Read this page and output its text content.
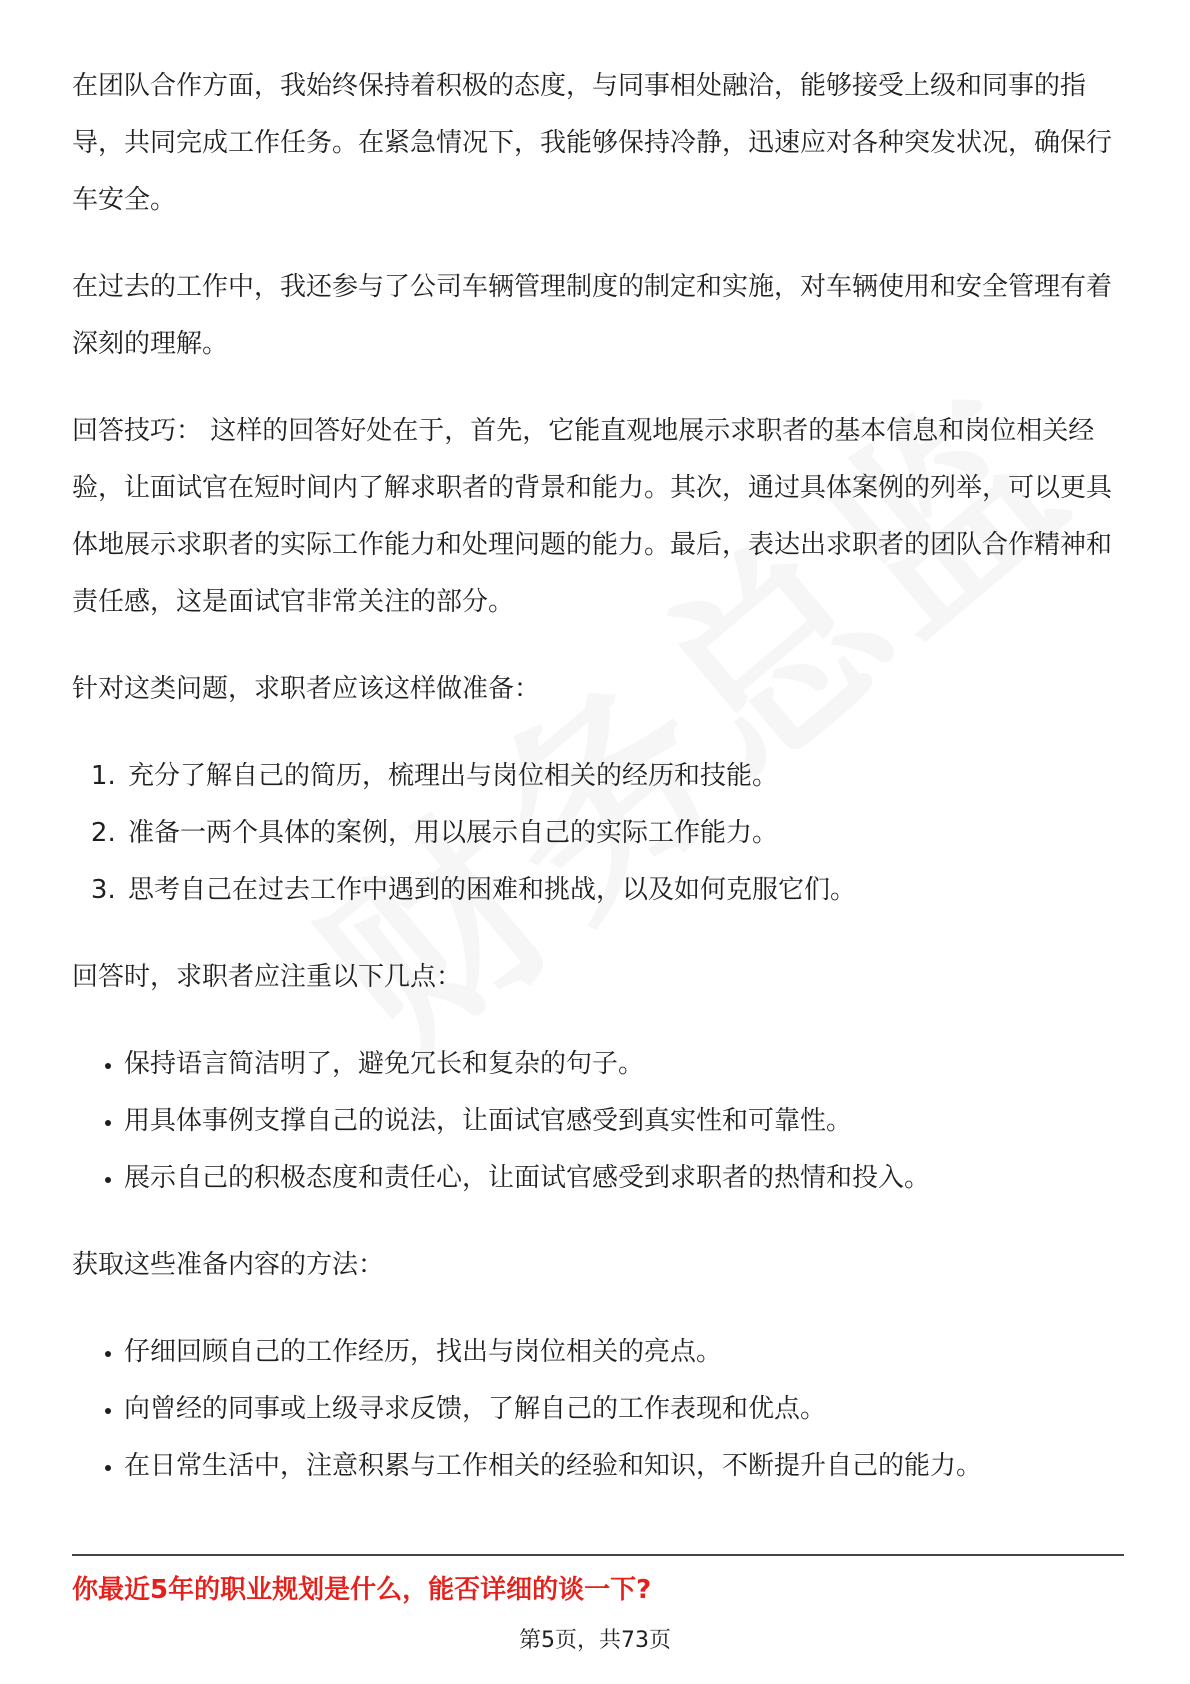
在团队合作方面，我始终保持着积极的态度，与同事相处融洽，能够接受上级和同事的指导，共同完成工作任务。在紧急情况下，我能够保持冷静，迅速应对各种突发状况，确保行车安全。

在过去的工作中，我还参与了公司车辆管理制度的制定和实施，对车辆使用和安全管理有着深刻的理解。

回答技巧： 这样的回答好处在于，首先，它能直观地展示求职者的基本信息和岗位相关经验，让面试官在短时间内了解求职者的背景和能力。其次，通过具体案例的列举，可以更具体地展示求职者的实际工作能力和处理问题的能力。最后，表达出求职者的团队合作精神和责任感，这是面试官非常关注的部分。

针对这类问题，求职者应该这样做准备：

1. 充分了解自己的简历，梳理出与岗位相关的经历和技能。
2. 准备一两个具体的案例，用以展示自己的实际工作能力。
3. 思考自己在过去工作中遇到的困难和挑战，以及如何克服它们。

回答时，求职者应注重以下几点：

• 保持语言简洁明了，避免冗长和复杂的句子。
• 用具体事例支撑自己的说法，让面试官感受到真实性和可靠性。
• 展示自己的积极态度和责任心，让面试官感受到求职者的热情和投入。

获取这些准备内容的方法：

• 仔细回顾自己的工作经历，找出与岗位相关的亮点。
• 向曾经的同事或上级寻求反馈，了解自己的工作表现和优点。
• 在日常生活中，注意积累与工作相关的经验和知识，不断提升自己的能力。
你最近5年的职业规划是什么，能否详细的谈一下?
第5页，共73页
